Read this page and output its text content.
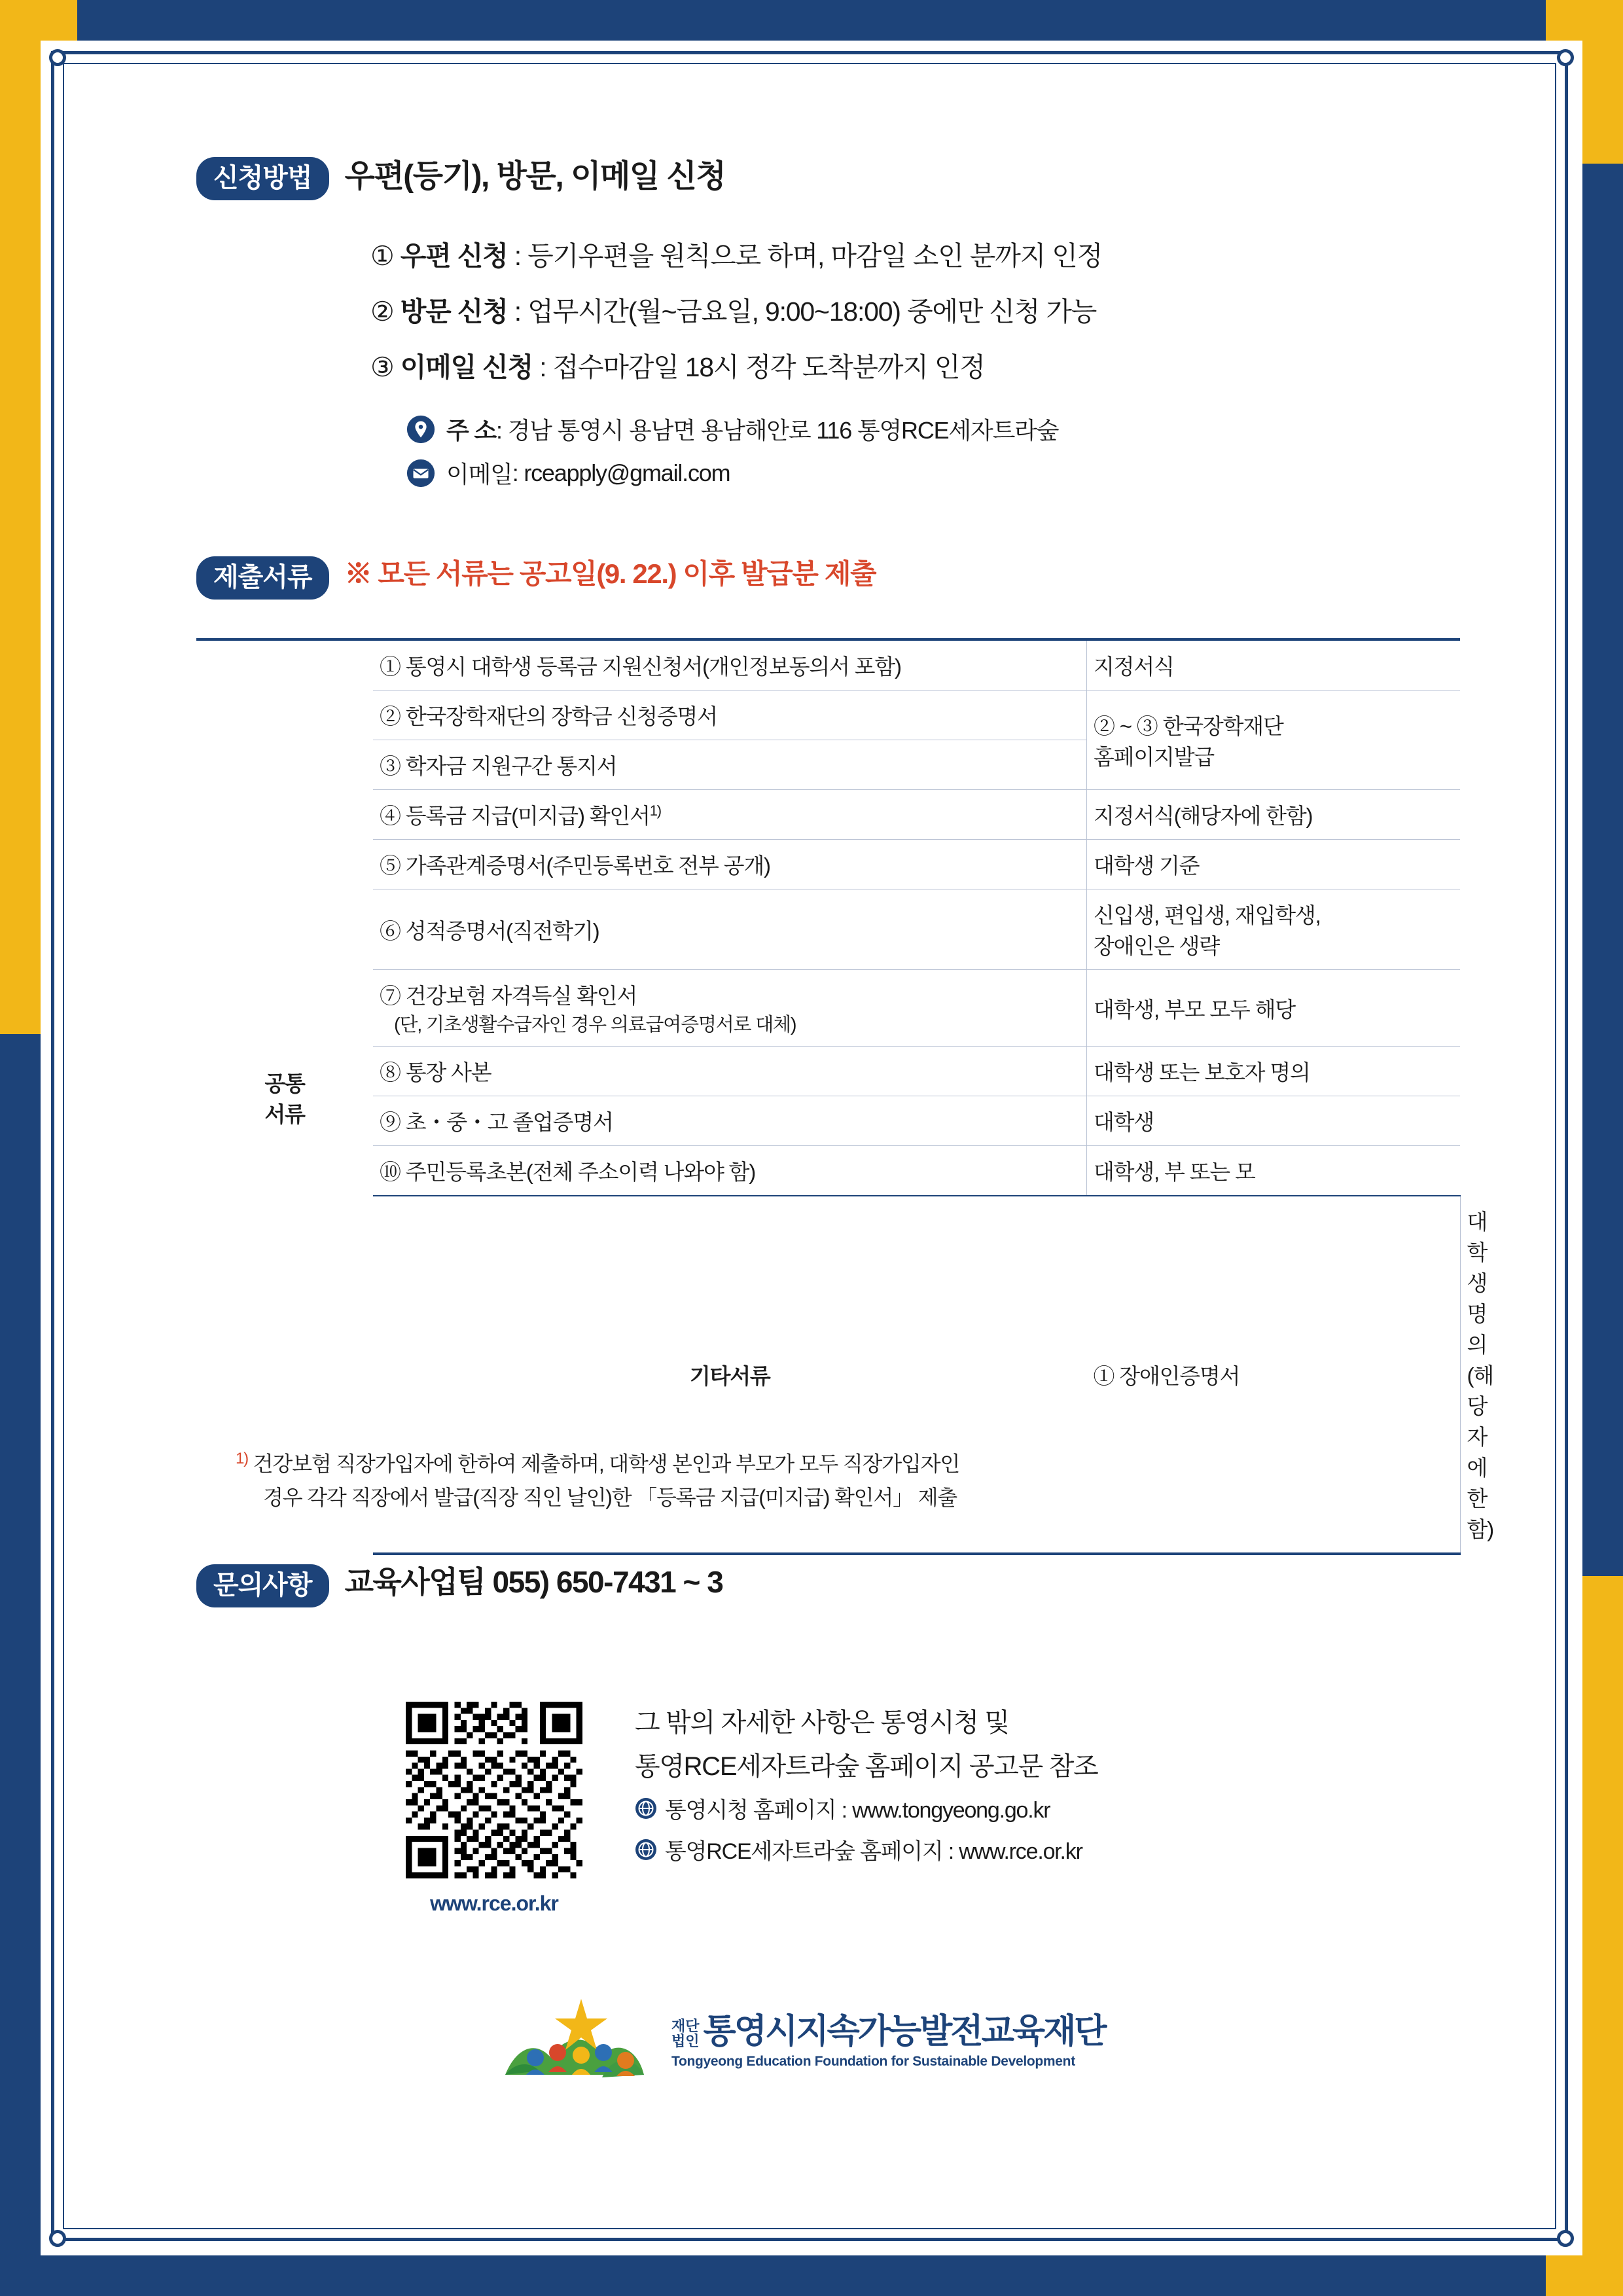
신청방법	우편(등기), 방문, 이메일 신청
① 우편 신청 : 등기우편을 원칙으로 하며, 마감일 소인 분까지 인정
② 방문 신청 : 업무시간(월~금요일, 9:00~18:00) 중에만 신청 가능
③ 이메일 신청 : 접수마감일 18시 정각 도착분까지 인정
주 소 : 경남 통영시 용남면 용남해안로 116 통영RCE세자트라숲
이메일 : rceapply@gmail.com
제출서류	※ 모든 서류는 공고일(9. 22.) 이후 발급분 제출
공통
서류	① 통영시 대학생 등록금 지원신청서(개인정보동의서 포함)	지정서식	
	② 한국장학재단의 장학금 신청증명서	② ~ ③ 한국장학재단
홈페이지발급	

	③ 학자금 지원구간 통지서		
	④ 등록금 지급(미지급) 확인서$^{1)}$	지정서식(해당자에 한함)	
	⑤ 가족관계증명서(주민등록번호 전부 공개)	대학생 기준	
	⑥ 성적증명서(직전학기)	신입생, 편입생, 재입학생,
장애인은 생략	

	⑦ 건강보험 자격득실 확인서
(단, 기초생활수급자인 경우 의료급여증명서로 대체)	대학생, 부모 모두 해당	
	⑧ 통장 사본	대학생 또는 보호자 명의	
	⑨ 초・중・고 졸업증명서	대학생	
	⑩ 주민등록초본(전체 주소이력 나와야 함)	대학생, 부 또는 모	
	기타서류	① 장애인증명서	대학생 명의(해당자에 한함)
$^{1)}$ 건강보험 직장가입자에 한하여 제출하며, 대학생 본인과 부모가 모두 직장가입자인
경우 각각 직장에서 발급(직장 직인 날인)한 「등록금 지급(미지급) 확인서」 제출
문의사항	교육사업팀 055) 650-7431 ~ 3
www.rce.or.kr
그 밖의 자세한 사항은 통영시청 및
통영RCE세자트라숲 홈페이지 공고문 참조
통영시청 홈페이지 : www.tongyeong.go.kr
통영RCE세자트라숲 홈페이지 : www.rce.or.kr
재단
법인 통영시지속가능발전교육재단
Tongyeong Education Foundation for Sustainable Development
